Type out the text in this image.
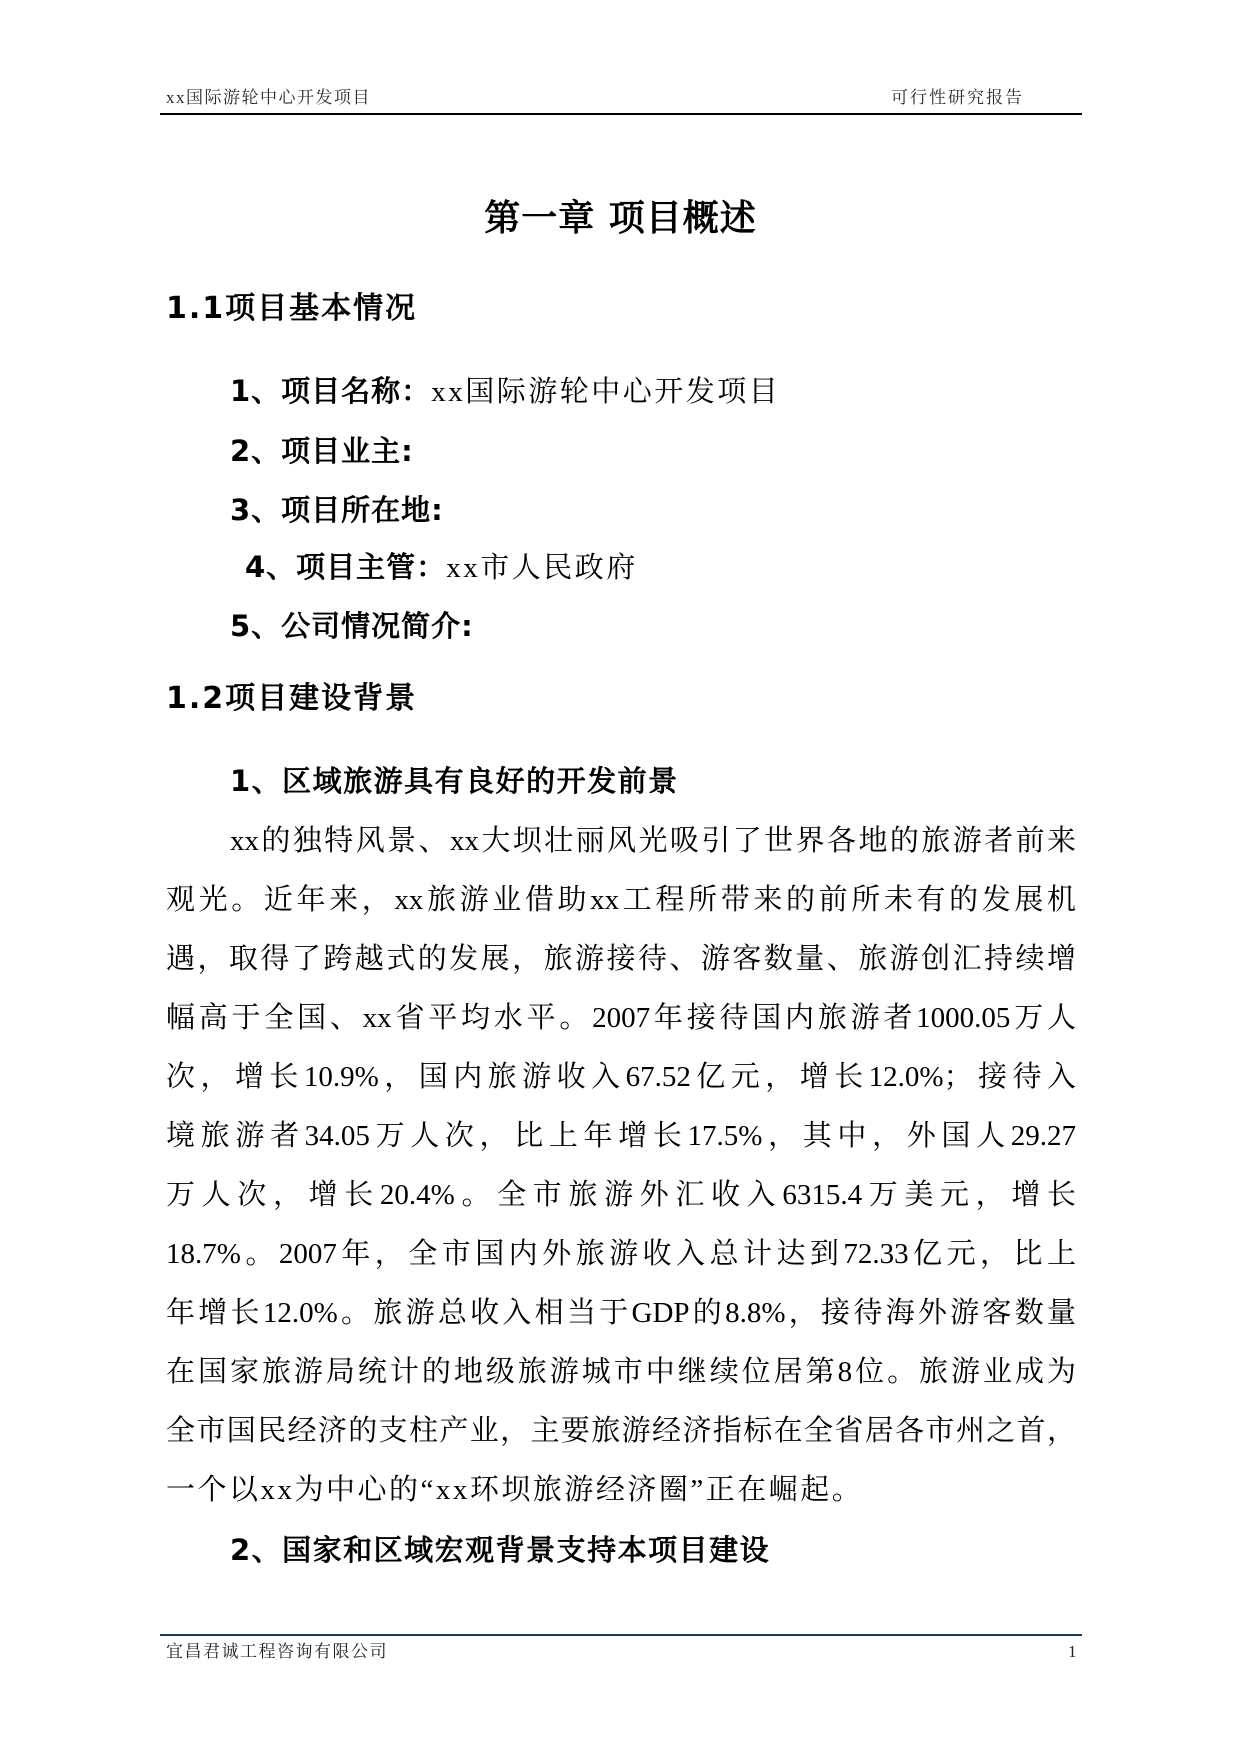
xx国际游轮中心开发项目	可行性研究报告
第一章 项目概述
1.1项目基本情况
1、项目名称：xx国际游轮中心开发项目
2、项目业主:
3、项目所在地:
4、项目主管：xx市人民政府
5、公司情况简介:
1.2项目建设背景
1、区域旅游具有良好的开发前景
xx的独特风景、xx大坝壮丽风光吸引了世界各地的旅游者前来
观光。近年来，xx旅游业借助xx工程所带来的前所未有的发展机
遇，取得了跨越式的发展，旅游接待、游客数量、旅游创汇持续增
幅高于全国、xx省平均水平。2007年接待国内旅游者1000.05万人
次，增长10.9%，国内旅游收入67.52亿元，增长12.0%；接待入
境旅游者34.05万人次，比上年增长17.5%，其中，外国人29.27
万人次，增长20.4%。全市旅游外汇收入6315.4万美元，增长
18.7%。2007年，全市国内外旅游收入总计达到72.33亿元，比上
年增长12.0%。旅游总收入相当于GDP的8.8%，接待海外游客数量
在国家旅游局统计的地级旅游城市中继续位居第8位。旅游业成为
全市国民经济的支柱产业，主要旅游经济指标在全省居各市州之首，
一个以xx为中心的“xx环坝旅游经济圈”正在崛起。
2、国家和区域宏观背景支持本项目建设
宜昌君诚工程咨询有限公司	1
